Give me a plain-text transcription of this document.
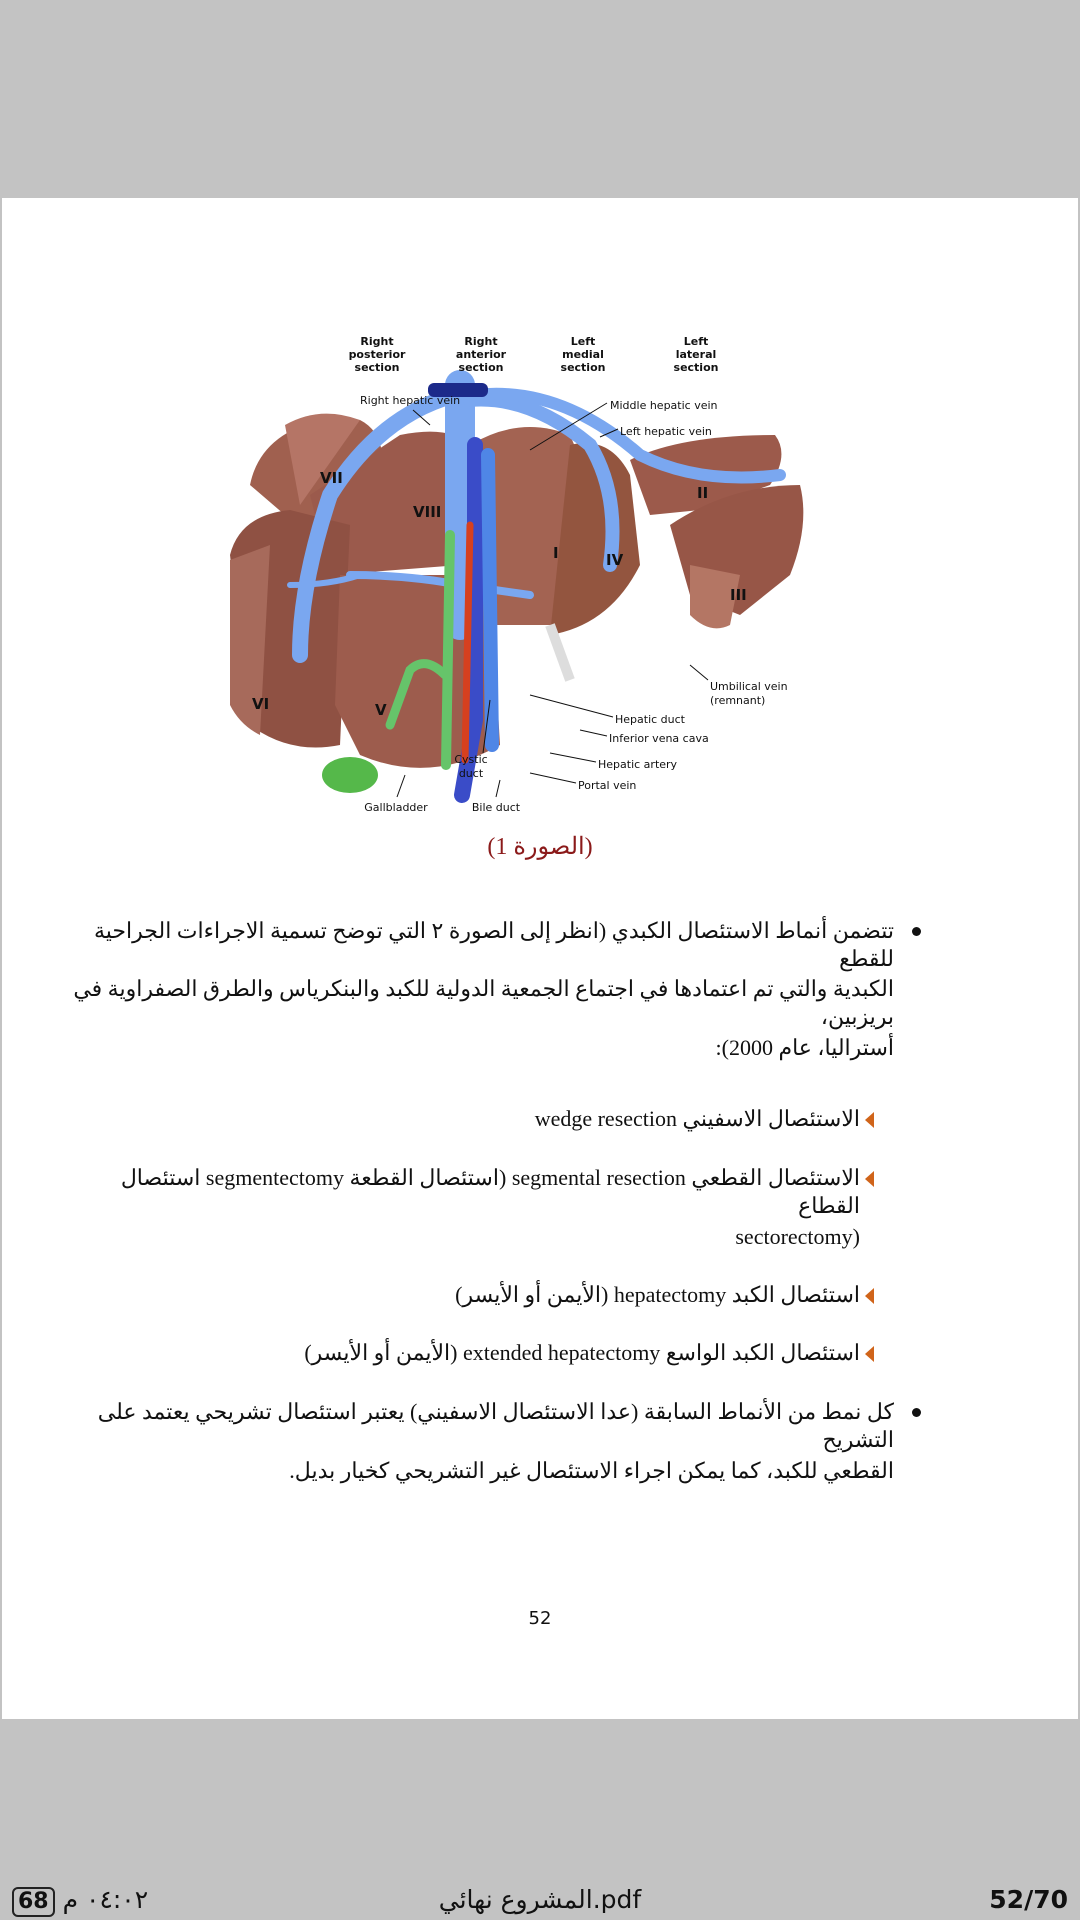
Right posterior section
Right anterior section
Left medial section
Left lateral section
VII
VIII
II
I	IV
III
VI	V
Right hepatic vein	Middle hepatic vein
Left hepatic vein
Umbilical vein
(remnant)
Hepatic duct
Inferior vena cava
Hepatic artery
Portal vein
Cystic duct
Gallbladder	Bile duct
(الصورة 1)
تتضمن أنماط الاستئصال الكبدي (انظر إلى الصورة ٢ التي توضح تسمية الاجراءات الجراحية للقطع
الكبدية والتي تم اعتمادها في اجتماع الجمعية الدولية للكبد والبنكرياس والطرق الصفراوية في بريزبين،
أستراليا، عام 2000):
الاستئصال الاسفيني wedge resection
الاستئصال القطعي segmental resection (استئصال القطعة segmentectomy استئصال القطاع
(sectorectomy
استئصال الكبد hepatectomy (الأيمن أو الأيسر)
استئصال الكبد الواسع extended hepatectomy (الأيمن أو الأيسر)
كل نمط من الأنماط السابقة (عدا الاستئصال الاسفيني) يعتبر استئصال تشريحي يعتمد على التشريح
القطعي للكبد، كما يمكن اجراء الاستئصال غير التشريحي كخيار بديل.
52
68 ٠٤:٠٢ م	المشروع نهائي.pdf	52/70
